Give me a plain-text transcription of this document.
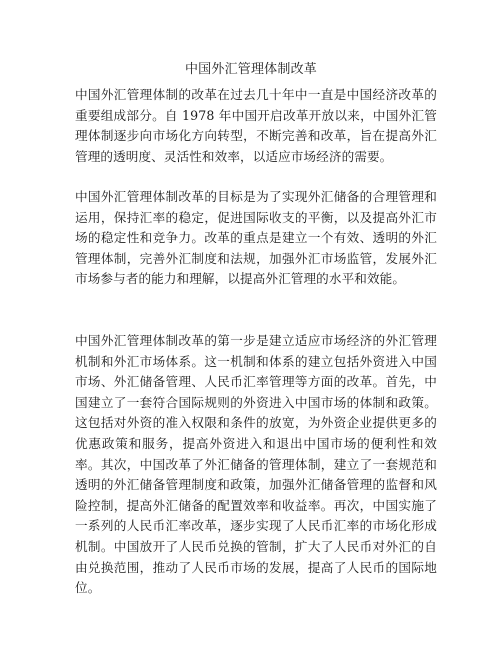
中国外汇管理体制改革

中国外汇管理体制的改革在过去几十年中一直是中国经济改革的重要组成部分。自 1978 年中国开启改革开放以来，中国外汇管理体制逐步向市场化方向转型，不断完善和改革，旨在提高外汇管理的透明度、灵活性和效率，以适应市场经济的需要。

中国外汇管理体制改革的目标是为了实现外汇储备的合理管理和运用，保持汇率的稳定，促进国际收支的平衡，以及提高外汇市场的稳定性和竞争力。改革的重点是建立一个有效、透明的外汇管理体制，完善外汇制度和法规，加强外汇市场监管，发展外汇市场参与者的能力和理解，以提高外汇管理的水平和效能。

中国外汇管理体制改革的第一步是建立适应市场经济的外汇管理机制和外汇市场体系。这一机制和体系的建立包括外资进入中国市场、外汇储备管理、人民币汇率管理等方面的改革。首先，中国建立了一套符合国际规则的外资进入中国市场的体制和政策。这包括对外资的准入权限和条件的放宽，为外资企业提供更多的优惠政策和服务，提高外资进入和退出中国市场的便利性和效率。其次，中国改革了外汇储备的管理体制，建立了一套规范和透明的外汇储备管理制度和政策，加强外汇储备管理的监督和风险控制，提高外汇储备的配置效率和收益率。再次，中国实施了一系列的人民币汇率改革，逐步实现了人民币汇率的市场化形成机制。中国放开了人民币兑换的管制，扩大了人民币对外汇的自由兑换范围，推动了人民币市场的发展，提高了人民币的国际地位。
